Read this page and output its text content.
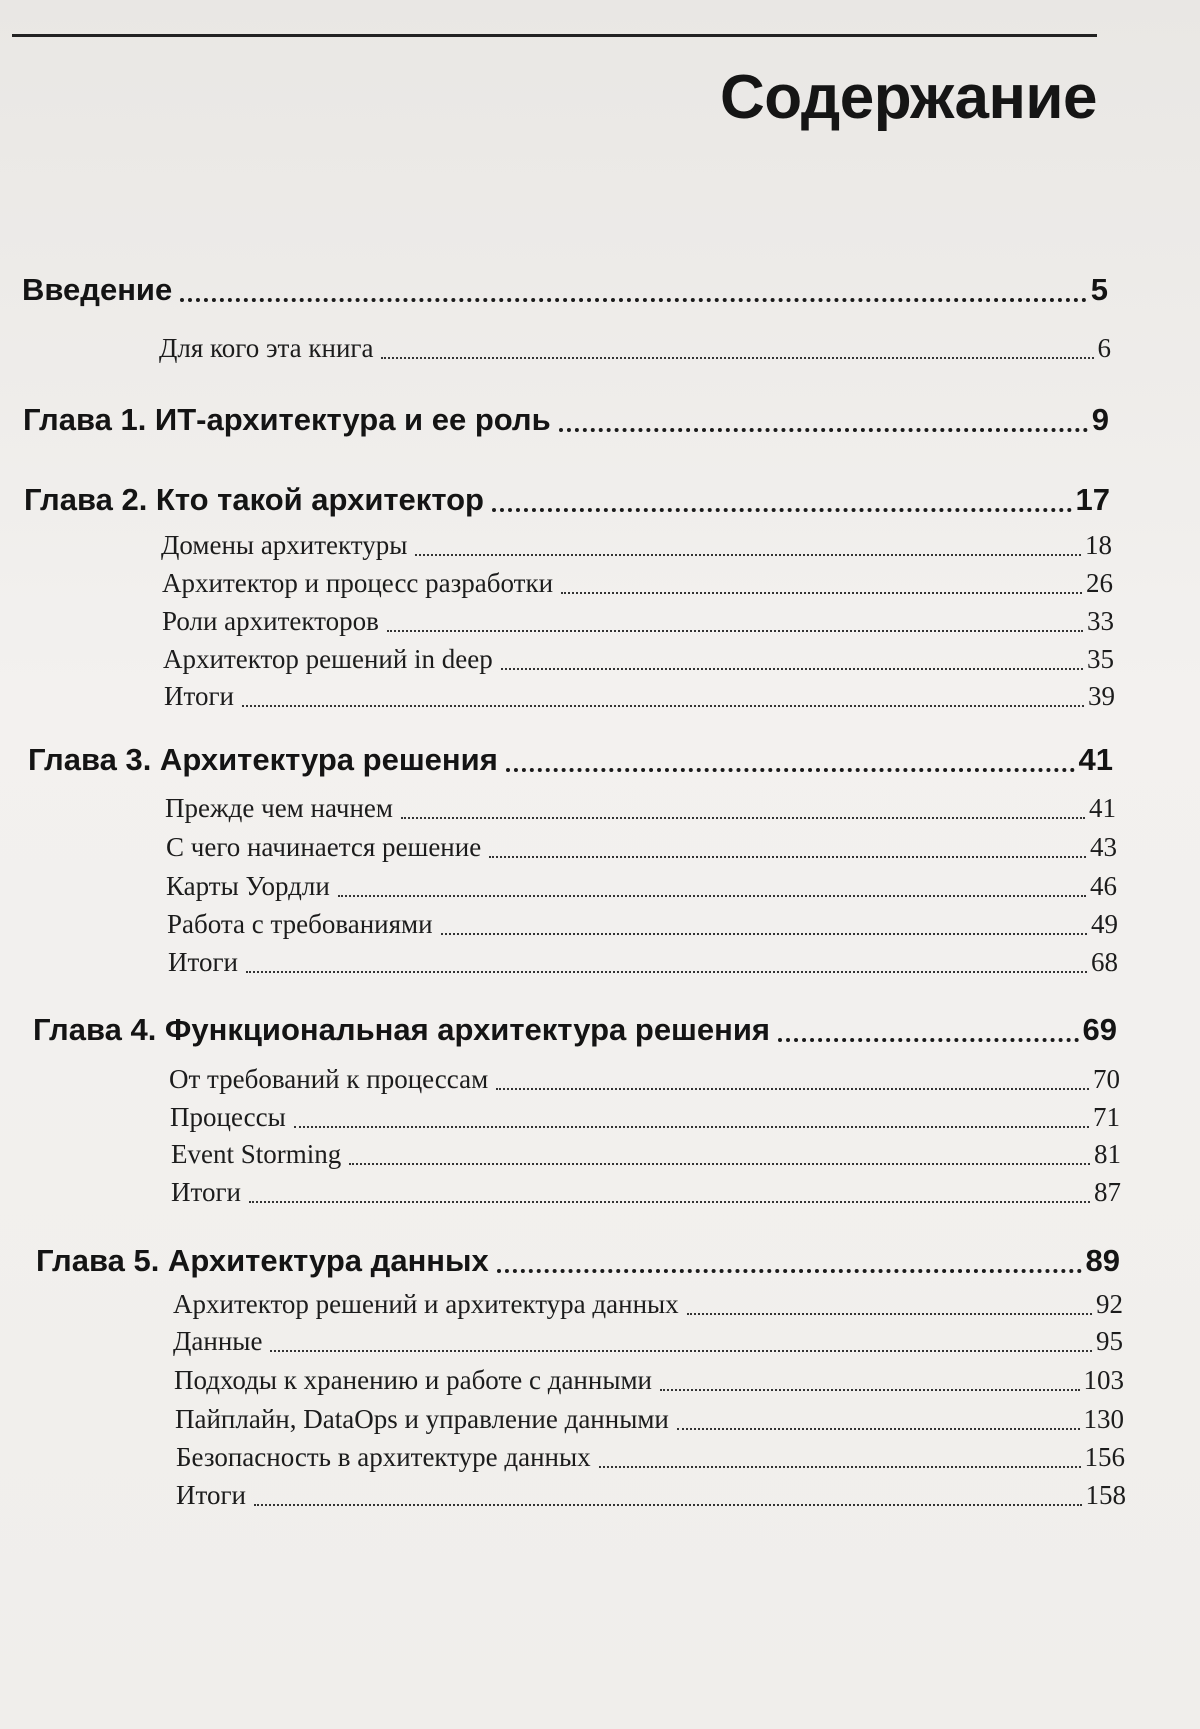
Содержание
Введение	5
Для кого эта книга	6
Глава 1. ИТ-архитектура и ее роль	9
Глава 2. Кто такой архитектор	17
Домены архитектуры	18
Архитектор и процесс разработки	26
Роли архитекторов	33
Архитектор решений in deep	35
Итоги	39
Глава 3. Архитектура решения	41
Прежде чем начнем	41
С чего начинается решение	43
Карты Уордли	46
Работа с требованиями	49
Итоги	68
Глава 4. Функциональная архитектура решения	69
От требований к процессам	70
Процессы	71
Event Storming	81
Итоги	87
Глава 5. Архитектура данных	89
Архитектор решений и архитектура данных	92
Данные	95
Подходы к хранению и работе с данными	103
Пайплайн, DataOps и управление данными	130
Безопасность в архитектуре данных	156
Итоги	158
